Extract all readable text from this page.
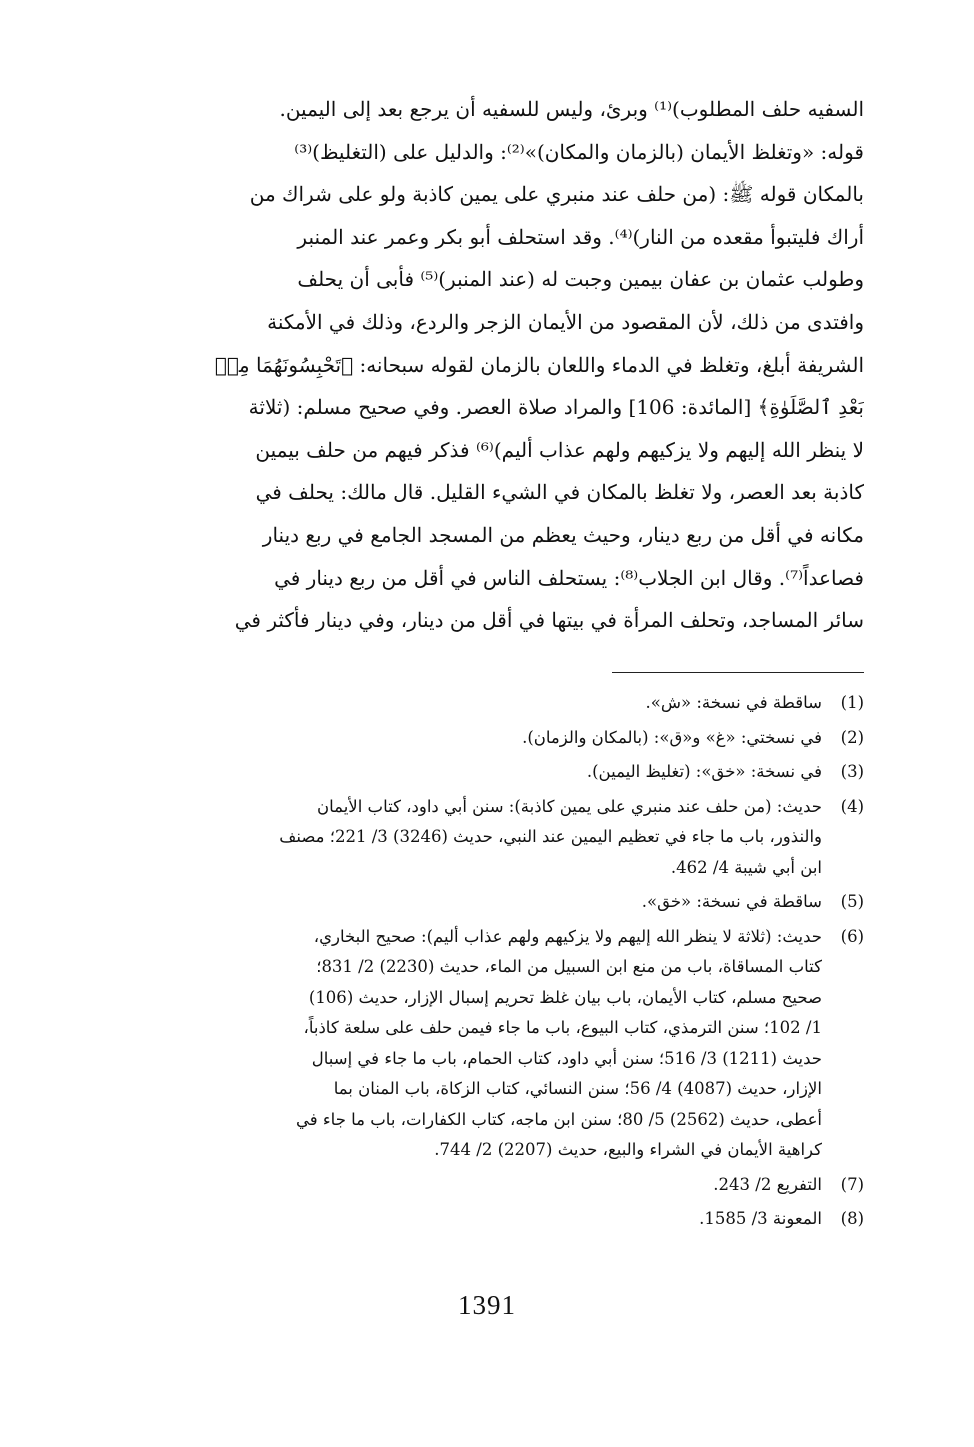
السفيه حلف المطلوب)⁽¹⁾ وبرئ، وليس للسفيه أن يرجع بعد إلى اليمين.
قوله: «وتغلظ الأيمان (بالزمان والمكان)»⁽²⁾: والدليل على (التغليظ)⁽³⁾
بالمكان قوله ﷺ: (من حلف عند منبري على يمين كاذبة ولو على شراك من
أراك فليتبوأ مقعده من النار)⁽⁴⁾. وقد استحلف أبو بكر وعمر عند المنبر
وطولب عثمان بن عفان بيمين وجبت له (عند المنبر)⁽⁵⁾ فأبى أن يحلف
وافتدى من ذلك، لأن المقصود من الأيمان الزجر والردع، وذلك في الأمكنة
الشريفة أبلغ، وتغلظ في الدماء واللعان بالزمان لقوله سبحانه: ﴿تَحْبِسُونَهُمَا مِنۢ
بَعْدِ ٱلصَّلَوٰةِ﴾ [المائدة: 106] والمراد صلاة العصر. وفي صحيح مسلم: (ثلاثة
لا ينظر الله إليهم ولا يزكيهم ولهم عذاب أليم)⁽⁶⁾ فذكر فيهم من حلف بيمين
كاذبة بعد العصر، ولا تغلظ بالمكان في الشيء القليل. قال مالك: يحلف في
مكانه في أقل من ربع دينار، وحيث يعظم من المسجد الجامع في ربع دينار
فصاعداً⁽⁷⁾. وقال ابن الجلاب⁽⁸⁾: يستحلف الناس في أقل من ربع دينار في
سائر المساجد، وتحلف المرأة في بيتها في أقل من دينار، وفي دينار فأكثر في
(1)
ساقطة في نسخة: «ش».
(2)
في نسختي: «غ» و«ق»: (بالمكان والزمان).
(3)
في نسخة: «خق»: (تغليظ اليمين).
(4)
حديث: (من حلف عند منبري على يمين كاذبة): سنن أبي داود، كتاب الأيمان
والنذور، باب ما جاء في تعظيم اليمين عند النبي، حديث (3246) 3/ 221؛ مصنف
ابن أبي شيبة 4/ 462.
(5)
ساقطة في نسخة: «خق».
(6)
حديث: (ثلاثة لا ينظر الله إليهم ولا يزكيهم ولهم عذاب أليم): صحيح البخاري،
كتاب المساقاة، باب من منع ابن السبيل من الماء، حديث (2230) 2/ 831؛
صحيح مسلم، كتاب الأيمان، باب بيان غلظ تحريم إسبال الإزار، حديث (106)
1/ 102؛ سنن الترمذي، كتاب البيوع، باب ما جاء فيمن حلف على سلعة كاذباً،
حديث (1211) 3/ 516؛ سنن أبي داود، كتاب الحمام، باب ما جاء في إسبال
الإزار، حديث (4087) 4/ 56؛ سنن النسائي، كتاب الزكاة، باب المنان بما
أعطى، حديث (2562) 5/ 80؛ سنن ابن ماجه، كتاب الكفارات، باب ما جاء في
كراهية الأيمان في الشراء والبيع، حديث (2207) 2/ 744.
(7)
التفريع 2/ 243.
(8)
المعونة 3/ 1585.
1391
